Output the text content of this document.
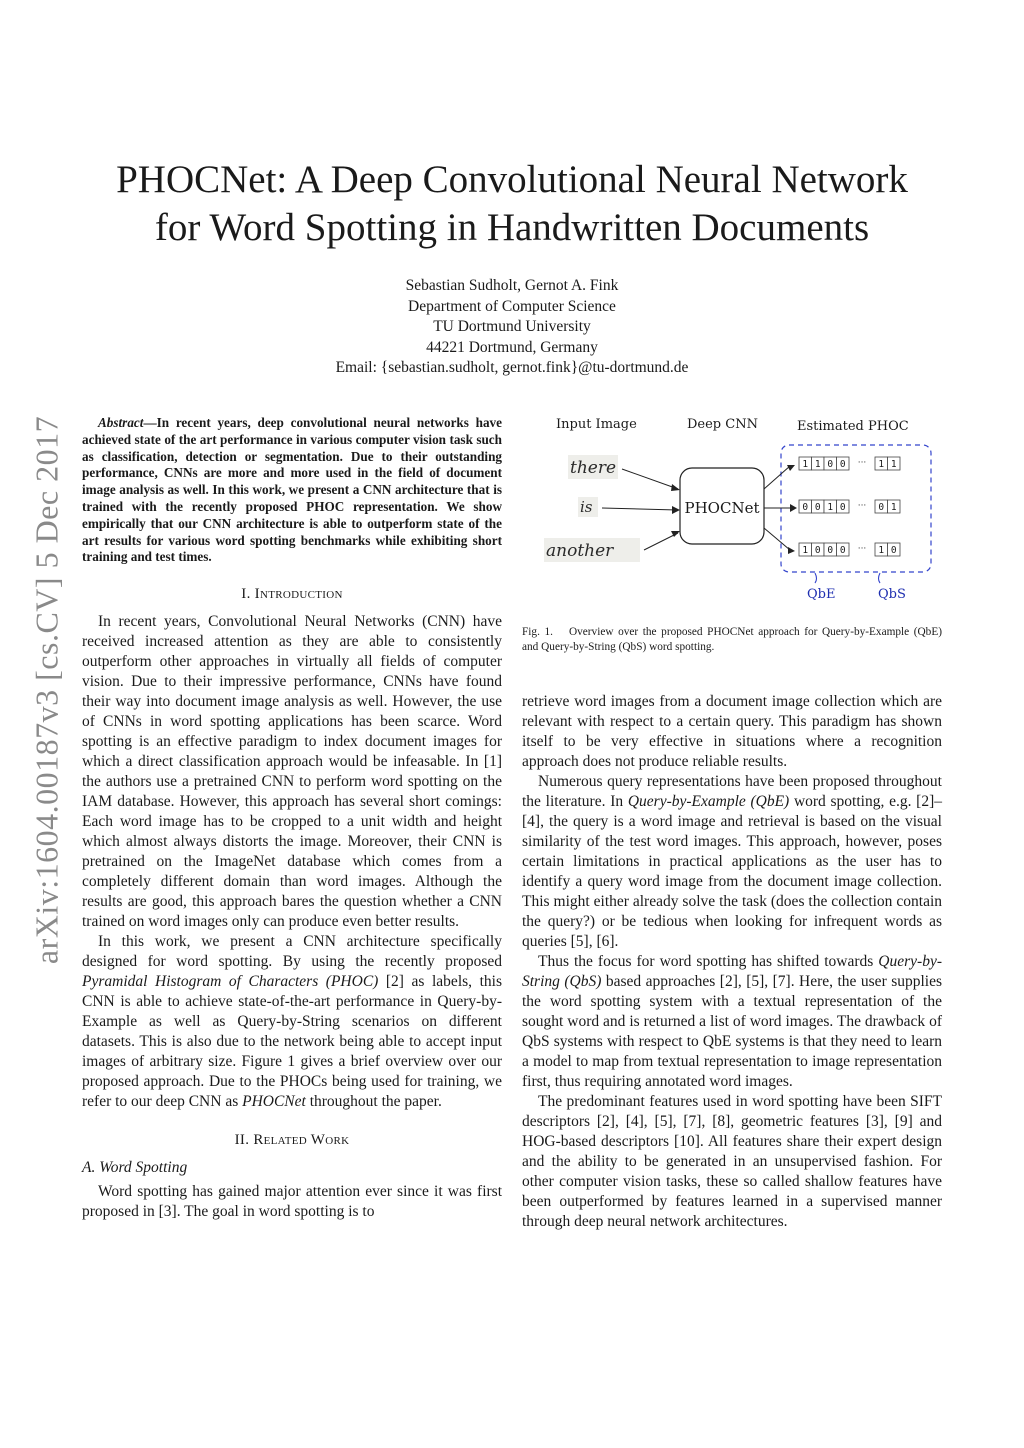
arXiv:1604.00187v3 [cs.CV] 5 Dec 2017
PHOCNet: A Deep Convolutional Neural Network
for Word Spotting in Handwritten Documents
Sebastian Sudholt, Gernot A. Fink
Department of Computer Science
TU Dortmund University
44221 Dortmund, Germany
Email: {sebastian.sudholt, gernot.fink}@tu-dortmund.de

Abstract—In recent years, deep convolutional neural networks have achieved state of the art performance in various computer vision task such as classification, detection or segmentation. Due to their outstanding performance, CNNs are more and more used in the field of document image analysis as well. In this work, we present a CNN architecture that is trained with the recently proposed PHOC representation. We show empirically that our CNN architecture is able to outperform state of the art results for various word spotting benchmarks while exhibiting short training and test times.

I. Introduction

In recent years, Convolutional Neural Networks (CNN) have received increased attention as they are able to consistently outperform other approaches in virtually all fields of computer vision. Due to their impressive performance, CNNs have found their way into document image analysis as well. However, the use of CNNs in word spotting applications has been scarce. Word spotting is an effective paradigm to index document images for which a direct classification approach would be infeasable. In [1] the authors use a pretrained CNN to perform word spotting on the IAM database. However, this approach has several short comings: Each word image has to be cropped to a unit width and height which almost always distorts the image. Moreover, their CNN is pretrained on the ImageNet database which comes from a completely different domain than word images. Although the results are good, this approach bares the question whether a CNN trained on word images only can produce even better results.

In this work, we present a CNN architecture specifically designed for word spotting. By using the recently proposed Pyramidal Histogram of Characters (PHOC) [2] as labels, this CNN is able to achieve state-of-the-art performance in Query-by-Example as well as Query-by-String scenarios on different datasets. This is also due to the network being able to accept input images of arbitrary size. Figure 1 gives a brief overview over our proposed approach. Due to the PHOCs being used for training, we refer to our deep CNN as PHOCNet throughout the paper.

II. Related Work
A. Word Spotting

Word spotting has gained major attention ever since it was first proposed in [3]. The goal in word spotting is to

Input Image	Deep CNN	Estimated PHOC
there
is
another
PHOCNet
1 1 0 0	1 1
···
0 0 1 0	0 1
···
1 0 0 0	1 0
···
QbE	QbS

Fig. 1. Overview over the proposed PHOCNet approach for Query-by-Example (QbE) and Query-by-String (QbS) word spotting.

retrieve word images from a document image collection which are relevant with respect to a certain query. This paradigm has shown itself to be very effective in situations where a recognition approach does not produce reliable results.

Numerous query representations have been proposed throughout the literature. In Query-by-Example (QbE) word spotting, e.g. [2]–[4], the query is a word image and retrieval is based on the visual similarity of the test word images. This approach, however, poses certain limitations in practical applications as the user has to identify a query word image from the document image collection. This might either already solve the task (does the collection contain the query?) or be tedious when looking for infrequent words as queries [5], [6].

Thus the focus for word spotting has shifted towards Query-by-String (QbS) based approaches [2], [5], [7]. Here, the user supplies the word spotting system with a textual representation of the sought word and is returned a list of word images. The drawback of QbS systems with respect to QbE systems is that they need to learn a model to map from textual representation to image representation first, thus requiring annotated word images.

The predominant features used in word spotting have been SIFT descriptors [2], [4], [5], [7], [8], geometric features [3], [9] and HOG-based descriptors [10]. All features share their expert design and the ability to be generated in an unsupervised fashion. For other computer vision tasks, these so called shallow features have been outperformed by features learned in a supervised manner through deep neural network architectures.
